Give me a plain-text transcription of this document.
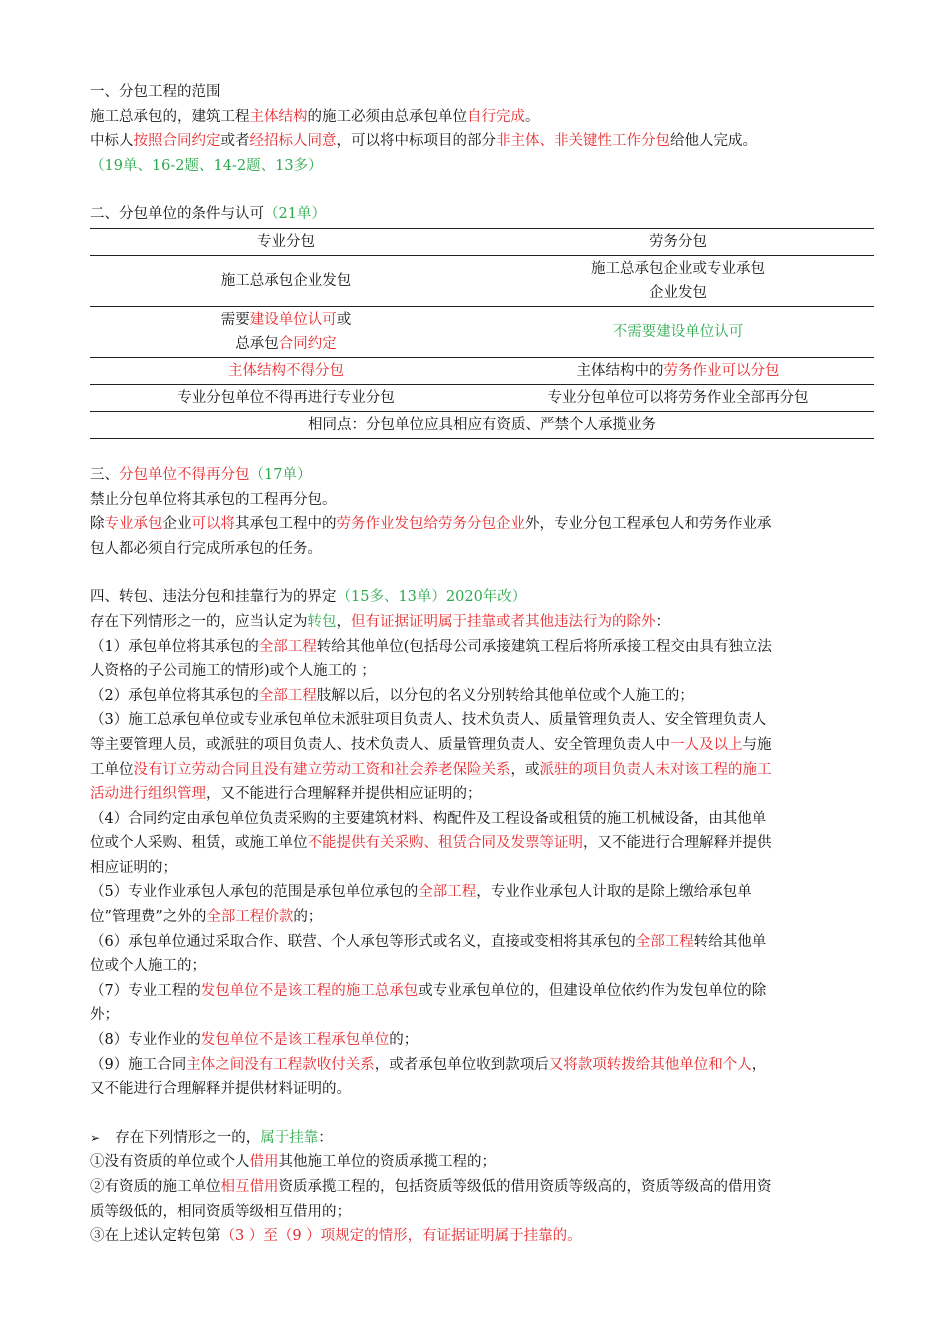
一、分包工程的范围

施工总承包的，建筑工程主体结构的施工必须由总承包单位自行完成。

中标人按照合同约定或者经招标人同意，可以将中标项目的部分非主体、非关键性工作分包给他人完成。

（19单、16-2题、14-2题、13多）

二、分包单位的条件与认可（21单）

专业分包	劳务分包
施工总承包企业发包	施工总承包企业或专业承包
企业发包
需要建设单位认可或
总承包合同约定	不需要建设单位认可
主体结构不得分包	主体结构中的劳务作业可以分包
专业分包单位不得再进行专业分包	专业分包单位可以将劳务作业全部再分包
相同点：分包单位应具相应有资质、严禁个人承揽业务	

三、分包单位不得再分包（17单）

禁止分包单位将其承包的工程再分包。

除专业承包企业可以将其承包工程中的劳务作业发包给劳务分包企业外，专业分包工程承包人和劳务作业承

包人都必须自行完成所承包的任务。

四、转包、违法分包和挂靠行为的界定（15多、13单）2020年改）

存在下列情形之一的，应当认定为转包，但有证据证明属于挂靠或者其他违法行为的除外：

（1）承包单位将其承包的全部工程转给其他单位(包括母公司承接建筑工程后将所承接工程交由具有独立法

人资格的子公司施工的情形)或个人施工的 ；

（2）承包单位将其承包的全部工程肢解以后，以分包的名义分别转给其他单位或个人施工的；

（3）施工总承包单位或专业承包单位未派驻项目负责人、技术负责人、质量管理负责人、安全管理负责人

等主要管理人员，或派驻的项目负责人、技术负责人、质量管理负责人、安全管理负责人中一人及以上与施

工单位没有订立劳动合同且没有建立劳动工资和社会养老保险关系，或派驻的项目负责人未对该工程的施工

活动进行组织管理，又不能进行合理解释并提供相应证明的；

（4）合同约定由承包单位负责采购的主要建筑材料、构配件及工程设备或租赁的施工机械设备，由其他单

位或个人采购、租赁，或施工单位不能提供有关采购、租赁合同及发票等证明，又不能进行合理解释并提供

相应证明的；

（5）专业作业承包人承包的范围是承包单位承包的全部工程，专业作业承包人计取的是除上缴给承包单

位”管理费”之外的全部工程价款的；

（6）承包单位通过采取合作、联营、个人承包等形式或名义，直接或变相将其承包的全部工程转给其他单

位或个人施工的；

（7）专业工程的发包单位不是该工程的施工总承包或专业承包单位的，但建设单位依约作为发包单位的除

外；

（8）专业作业的发包单位不是该工程承包单位的；

（9）施工合同主体之间没有工程款收付关系，或者承包单位收到款项后又将款项转拨给其他单位和个人，

又不能进行合理解释并提供材料证明的。

➢ 存在下列情形之一的，属于挂靠：

①没有资质的单位或个人借用其他施工单位的资质承揽工程的；

②有资质的施工单位相互借用资质承揽工程的，包括资质等级低的借用资质等级高的，资质等级高的借用资

质等级低的，相同资质等级相互借用的；

③在上述认定转包第（3 ）至（9 ）项规定的情形，有证据证明属于挂靠的。
